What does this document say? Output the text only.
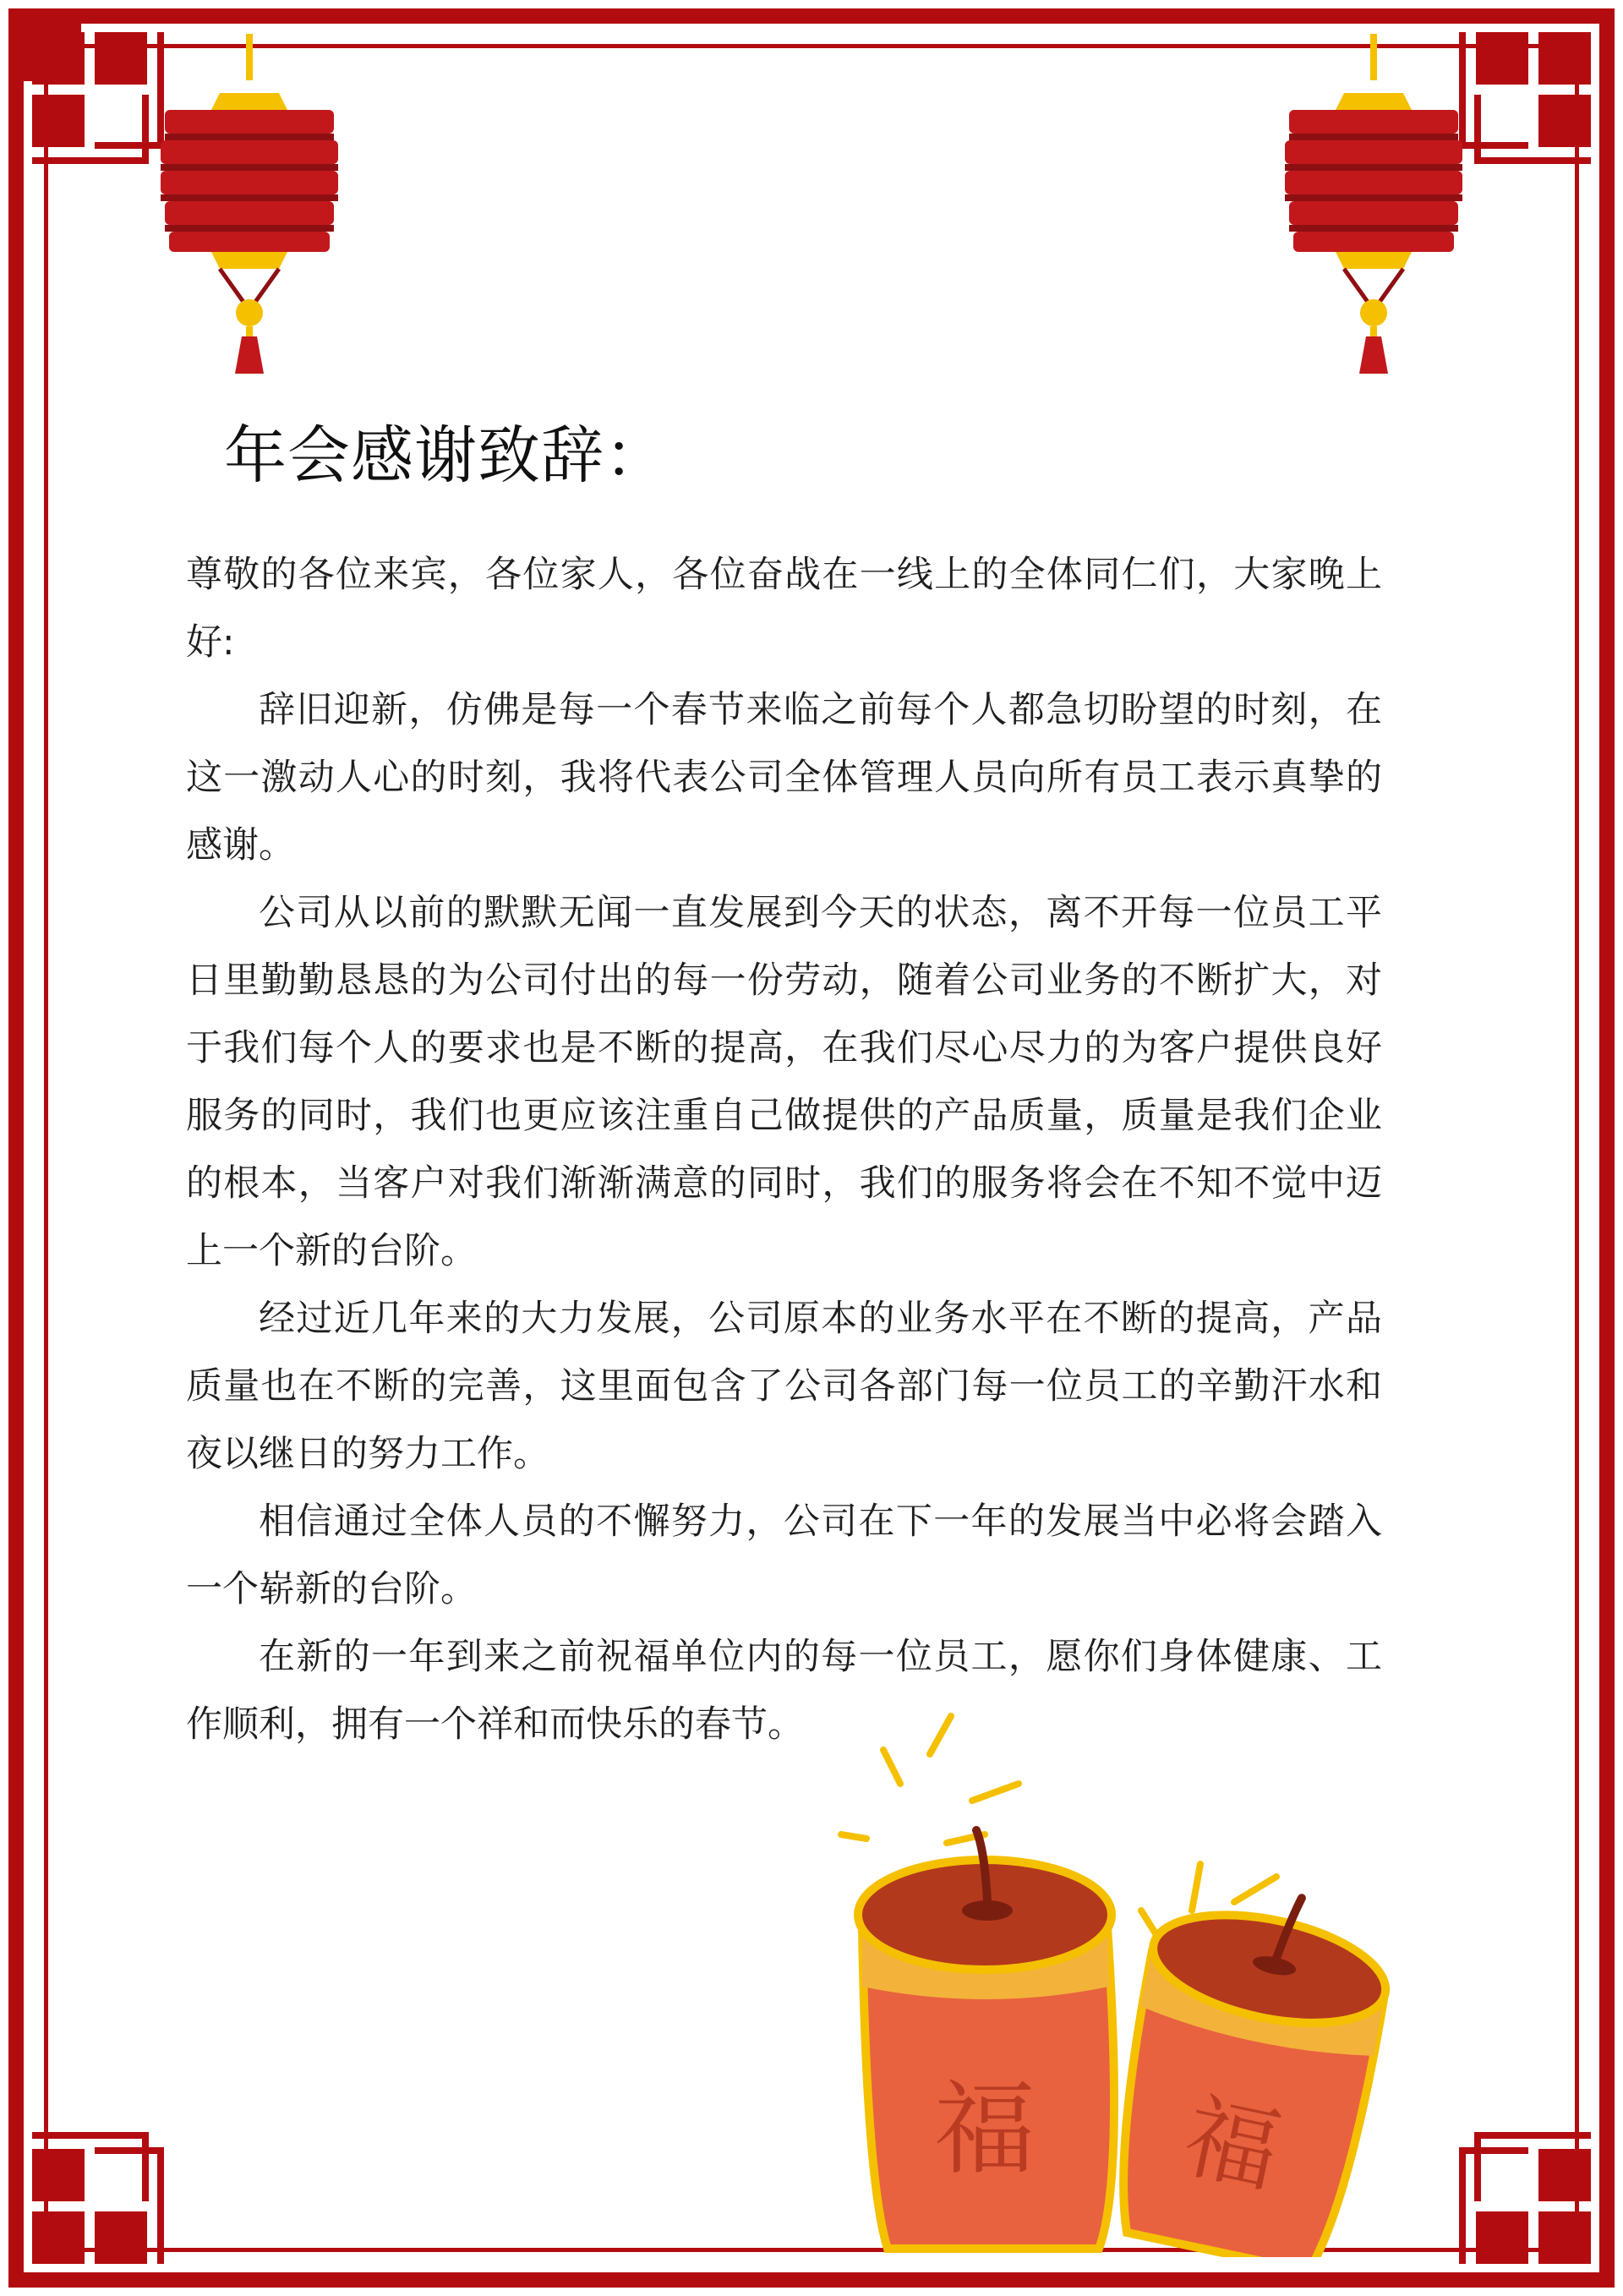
年会感谢致辞：

尊敬的各位来宾，各位家人，各位奋战在一线上的全体同仁们，大家晚上好:

辞旧迎新，仿佛是每一个春节来临之前每个人都急切盼望的时刻，在这一激动人心的时刻，我将代表公司全体管理人员向所有员工表示真挚的感谢。

公司从以前的默默无闻一直发展到今天的状态，离不开每一位员工平日里勤勤恳恳的为公司付出的每一份劳动，随着公司业务的不断扩大，对于我们每个人的要求也是不断的提高，在我们尽心尽力的为客户提供良好服务的同时，我们也更应该注重自己做提供的产品质量，质量是我们企业的根本，当客户对我们渐渐满意的同时，我们的服务将会在不知不觉中迈上一个新的台阶。

经过近几年来的大力发展，公司原本的业务水平在不断的提高，产品质量也在不断的完善，这里面包含了公司各部门每一位员工的辛勤汗水和夜以继日的努力工作。

相信通过全体人员的不懈努力，公司在下一年的发展当中必将会踏入一个崭新的台阶。

在新的一年到来之前祝福单位内的每一位员工，愿你们身体健康、工作顺利，拥有一个祥和而快乐的春节。

福 福
